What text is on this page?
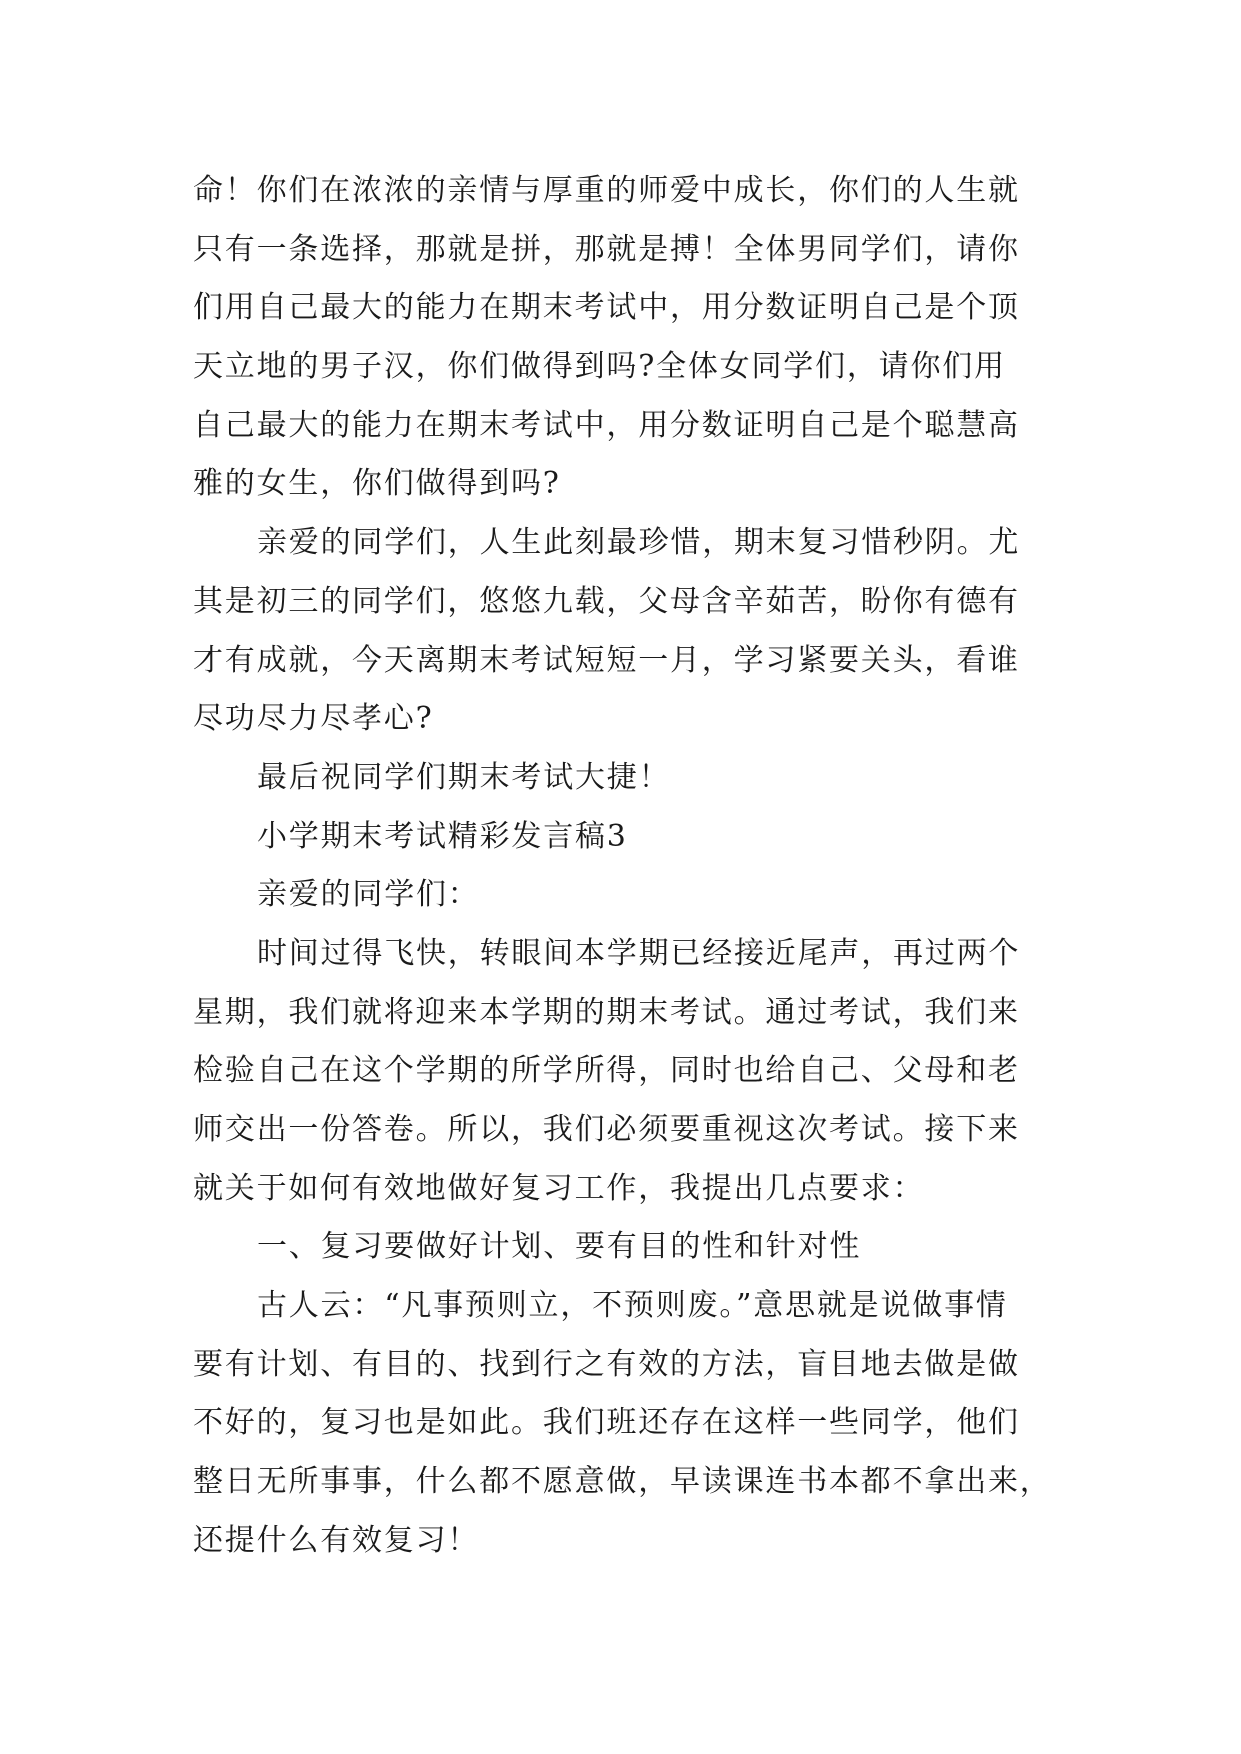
命！你们在浓浓的亲情与厚重的师爱中成长，你们的人生就
只有一条选择，那就是拼，那就是搏！全体男同学们，请你
们用自己最大的能力在期末考试中，用分数证明自己是个顶
天立地的男子汉，你们做得到吗?全体女同学们，请你们用
自己最大的能力在期末考试中，用分数证明自己是个聪慧高
雅的女生，你们做得到吗?
亲爱的同学们，人生此刻最珍惜，期末复习惜秒阴。尤
其是初三的同学们，悠悠九载，父母含辛茹苦，盼你有德有
才有成就，今天离期末考试短短一月，学习紧要关头，看谁
尽功尽力尽孝心?
最后祝同学们期末考试大捷！
小学期末考试精彩发言稿3
亲爱的同学们：
时间过得飞快，转眼间本学期已经接近尾声，再过两个
星期，我们就将迎来本学期的期末考试。通过考试，我们来
检验自己在这个学期的所学所得，同时也给自己、父母和老
师交出一份答卷。所以，我们必须要重视这次考试。接下来
就关于如何有效地做好复习工作，我提出几点要求：
一、复习要做好计划、要有目的性和针对性
古人云：“凡事预则立，不预则废。”意思就是说做事情
要有计划、有目的、找到行之有效的方法，盲目地去做是做
不好的，复习也是如此。我们班还存在这样一些同学，他们
整日无所事事，什么都不愿意做，早读课连书本都不拿出来，
还提什么有效复习！
